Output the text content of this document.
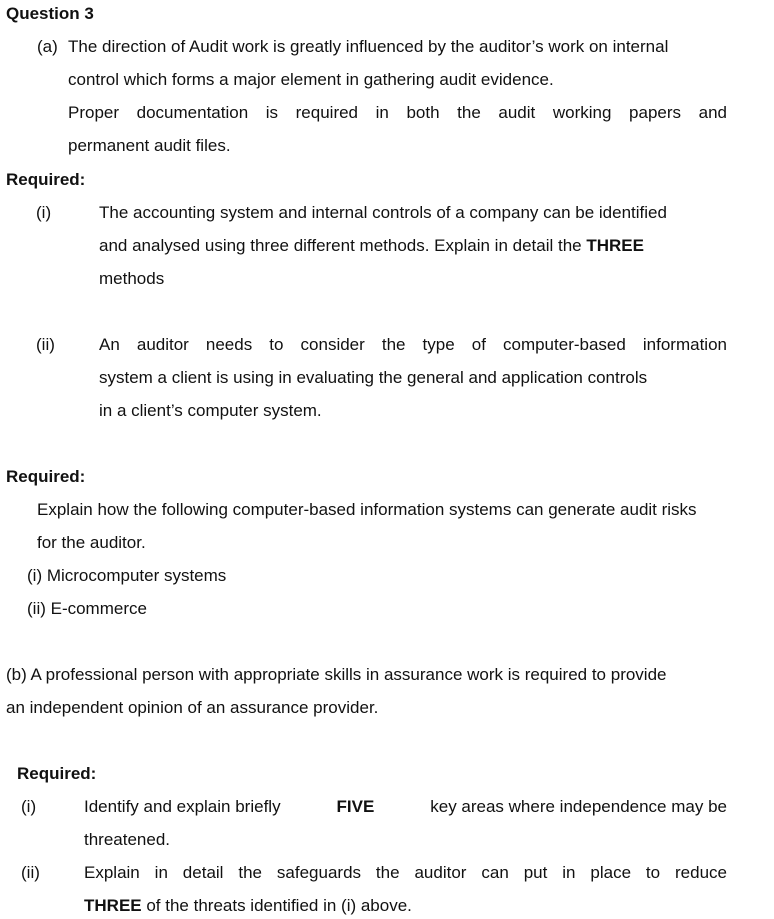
Question 3
(a) The direction of Audit work is greatly influenced by the auditor’s work on internal
control which forms a major element in gathering audit evidence.
Proper documentation is required in both the audit working papers and
permanent audit files.
Required:
(i)	The accounting system and internal controls of a company can be identified
and analysed using three different methods. Explain in detail the THREE
methods
(ii)	An auditor needs to consider the type of computer-based information
system a client is using in evaluating the general and application controls
in a client’s computer system.
Required:
Explain how the following computer-based information systems can generate audit risks
for the auditor.
(i) Microcomputer systems
(ii) E-commerce
(b) A professional person with appropriate skills in assurance work is required to provide
an independent opinion of an assurance provider.
Required:
(i)	Identify and explain briefly	FIVE	key areas where independence may be
threatened.
(ii)	Explain in detail the safeguards the auditor can put in place to reduce
THREE of the threats identified in (i) above.
